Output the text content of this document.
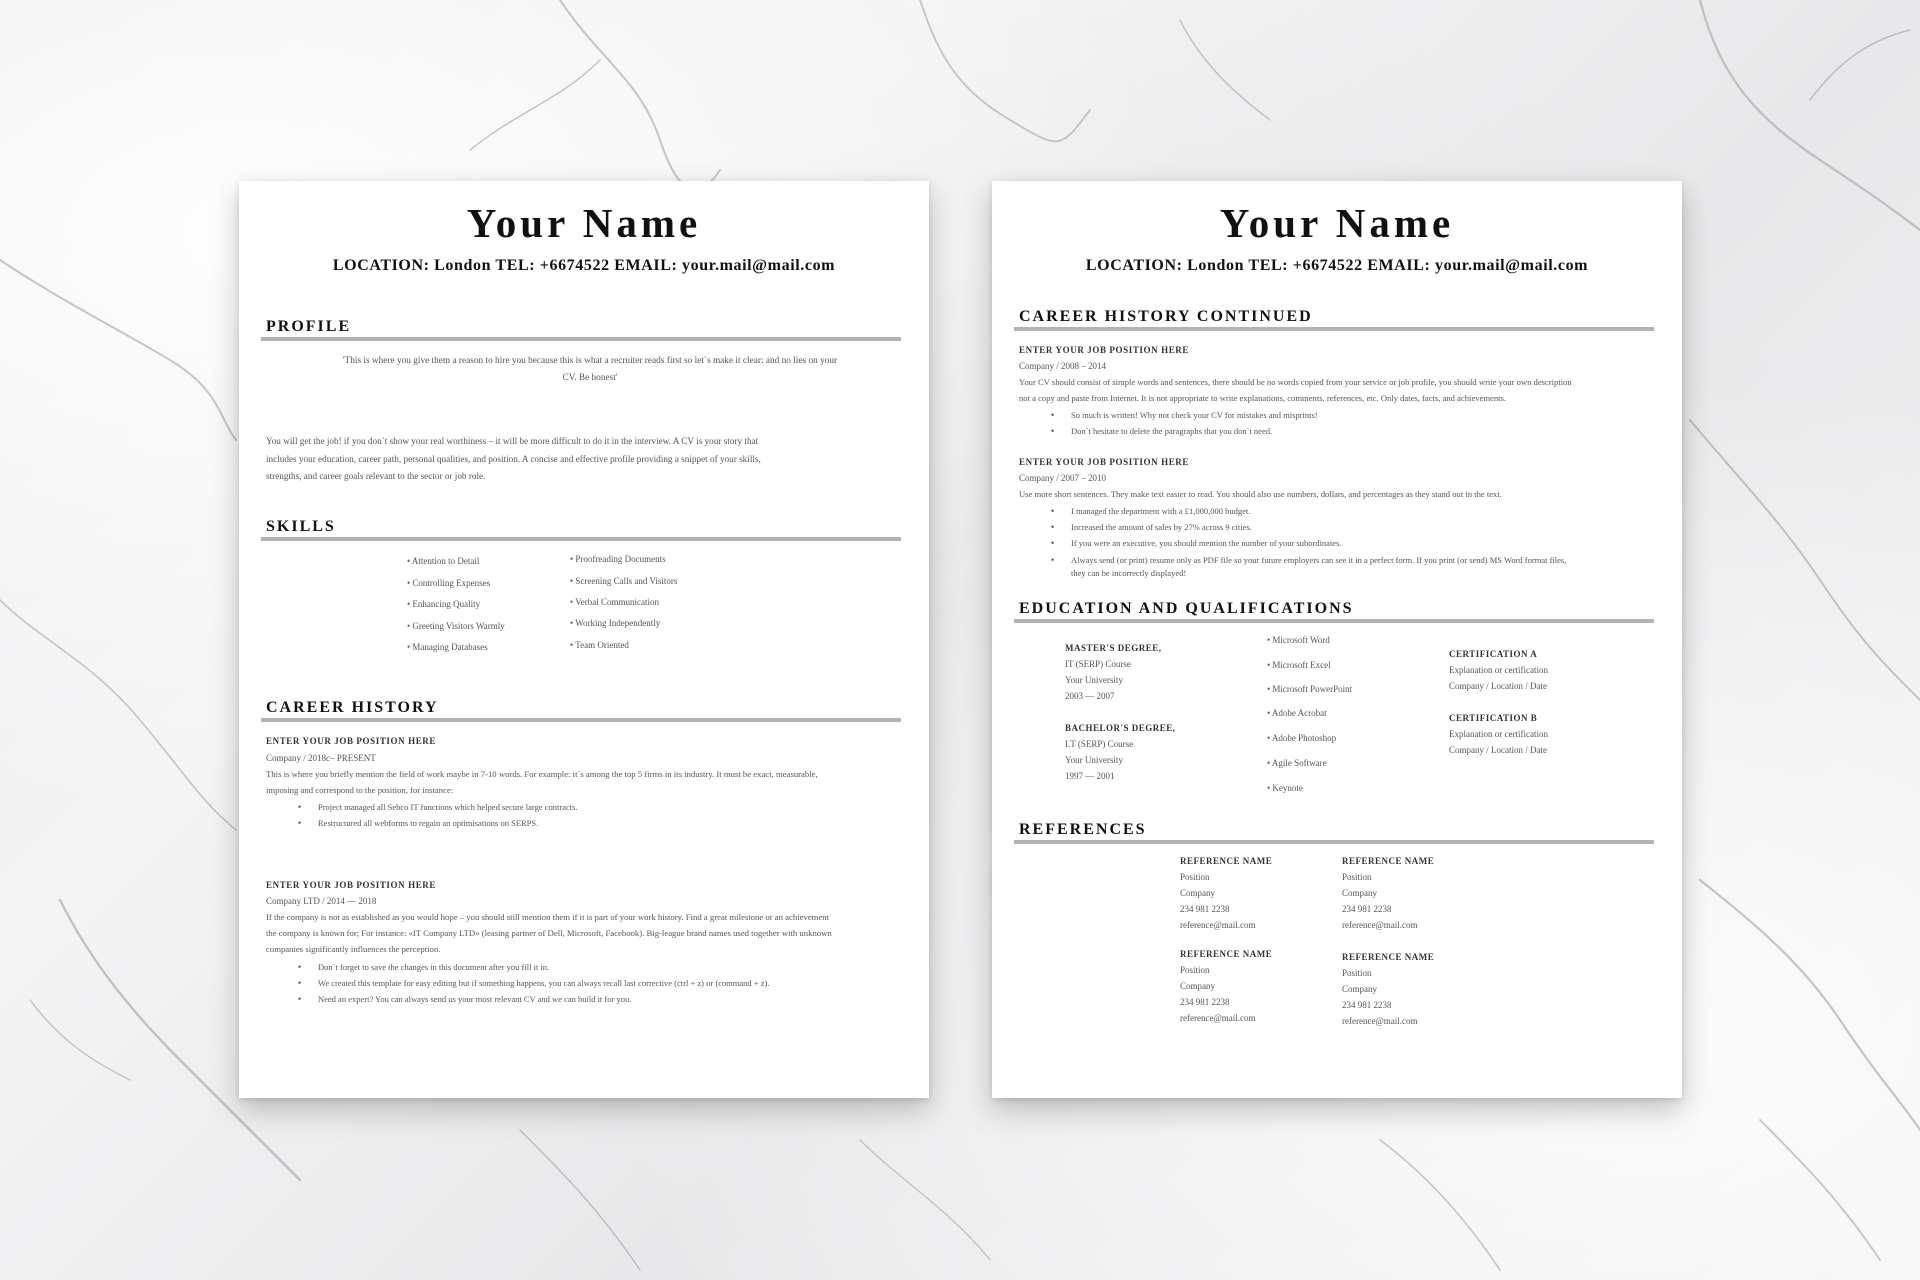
Your Name
LOCATION: London TEL: +6674522 EMAIL: your.mail@mail.com
PROFILE
'This is where you give them a reason to hire you because this is what a recruiter reads first so let`s make it clear: and no lies on your
CV. Be honest'
You will get the job! if you don`t show your real worthiness – it will be more difficult to do it in the interview. A CV is your story that
includes your education, career path, personal qualities, and position. A concise and effective profile providing a snippet of your skills,
strengths, and career goals relevant to the sector or job role.
SKILLS
• Attention to Detail
• Controlling Expenses
• Enhancing Quality
• Greeting Visitors Warmly
• Managing Databases
• Proofreading Documents
• Screening Calls and Visitors
• Verbal Communication
• Working Independently
• Team Oriented
CAREER HISTORY
ENTER YOUR JOB POSITION HERE
Company / 2018c– PRESENT
This is where you briefly mention the field of work maybe in 7-10 words. For example: it`s among the top 5 firms in its industry. It must be exact, measurable,
imposing and correspond to the position, for instance:
• Project managed all Sebco IT functions which helped secure large contracts.
• Restructured all webforms to regain an optimisations on SERPS.
ENTER YOUR JOB POSITION HERE
Company LTD / 2014 — 2018
If the company is not as established as you would hope – you should still mention them if it is part of your work history. Find a great milestone or an achievement
the company is known for; For instance: «IT Company LTD» (leasing partner of Dell, Microsoft, Facebook). Big-league brand names used together with unknown
companies significantly influences the perception.
• Don`t forget to save the changes in this document after you fill it in.
• We created this template for easy editing but if something happens, you can always recall last corrective (ctrl + z) or (command + z).
• Need an expert? You can always send us your most relevant CV and we can build it for you.
Your Name
LOCATION: London TEL: +6674522 EMAIL: your.mail@mail.com
CAREER HISTORY CONTINUED
ENTER YOUR JOB POSITION HERE
Company / 2008 – 2014
Your CV should consist of simple words and sentences, there should be no words copied from your service or job profile, you should write your own description
not a copy and paste from Internet. It is not appropriate to write explanations, comments, references, etc. Only dates, facts, and achievements.
• So much is written! Why not check your CV for mistakes and misprints!
• Don`t hesitate to delete the paragraphs that you don`t need.
ENTER YOUR JOB POSITION HERE
Company / 2007 – 2010
Use more short sentences. They make text easier to read. You should also use numbers, dollars, and percentages as they stand out in the text.
• I managed the department with a £1,000,000 budget.
• Increased the amount of sales by 27% across 9 cities.
• If you were an executive, you should mention the number of your subordinates.
• Always send (or print) resume only as PDF file so your future employers can see it in a perfect form. If you print (or send) MS Word format files,
they can be incorrectly displayed!
EDUCATION AND QUALIFICATIONS
MASTER'S DEGREE,
IT (SERP) Course
Your University
2003 — 2007
BACHELOR'S DEGREE,
I.T (SERP) Course
Your University
1997 — 2001
• Microsoft Word
• Microsoft Excel
• Microsoft PowerPoint
• Adobe Acrobat
• Adobe Photoshop
• Agile Software
• Keynote
CERTIFICATION A
Explanation or certification
Company / Location / Date
CERTIFICATION B
Explanation or certification
Company / Location / Date
REFERENCES
REFERENCE NAME
Position
Company
234 981 2238
reference@mail.com
REFERENCE NAME
Position
Company
234 981 2238
reference@mail.com
REFERENCE NAME
Position
Company
234 981 2238
reference@mail.com
REFERENCE NAME
Position
Company
234 981 2238
reference@mail.com
